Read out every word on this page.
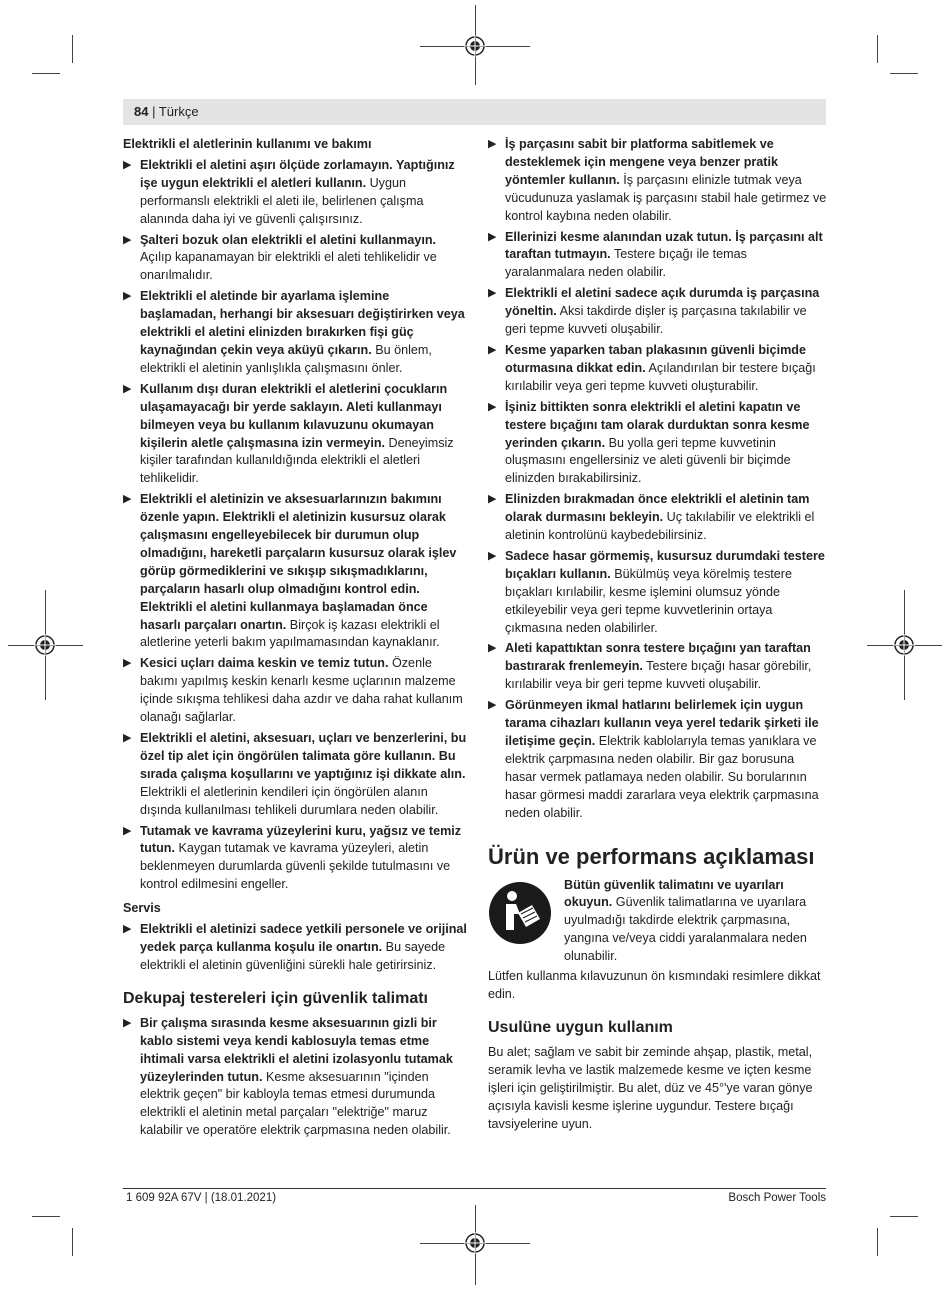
84 | Türkçe
Elektrikli el aletlerinin kullanımı ve bakımı
▶ Elektrikli el aletini aşırı ölçüde zorlamayın. Yaptığınız işe uygun elektrikli el aletleri kullanın. Uygun performanslı elektrikli el aleti ile, belirlenen çalışma alanında daha iyi ve güvenli çalışırsınız.
▶ Şalteri bozuk olan elektrikli el aletini kullanmayın. Açılıp kapanamayan bir elektrikli el aleti tehlikelidir ve onarılmalıdır.
▶ Elektrikli el aletinde bir ayarlama işlemine başlamadan, herhangi bir aksesuarı değiştirirken veya elektrikli el aletini elinizden bırakırken fişi güç kaynağından çekin veya aküyü çıkarın. Bu önlem, elektrikli el aletinin yanlışlıkla çalışmasını önler.
▶ Kullanım dışı duran elektrikli el aletlerini çocukların ulaşamayacağı bir yerde saklayın. Aleti kullanmayı bilmeyen veya bu kullanım kılavuzunu okumayan kişilerin aletle çalışmasına izin vermeyin. Deneyimsiz kişiler tarafından kullanıldığında elektrikli el aletleri tehlikelidir.
▶ Elektrikli el aletinizin ve aksesuarlarınızın bakımını özenle yapın. Elektrikli el aletinizin kusursuz olarak çalışmasını engelleyebilecek bir durumun olup olmadığını, hareketli parçaların kusursuz olarak işlev görüp görmediklerini ve sıkışıp sıkışmadıklarını, parçaların hasarlı olup olmadığını kontrol edin. Elektrikli el aletini kullanmaya başlamadan önce hasarlı parçaları onartın. Birçok iş kazası elektrikli el aletlerine yeterli bakım yapılmamasından kaynaklanır.
▶ Kesici uçları daima keskin ve temiz tutun. Özenle bakımı yapılmış keskin kenarlı kesme uçlarının malzeme içinde sıkışma tehlikesi daha azdır ve daha rahat kullanım olanağı sağlarlar.
▶ Elektrikli el aletini, aksesuarı, uçları ve benzerlerini, bu özel tip alet için öngörülen talimata göre kullanın. Bu sırada çalışma koşullarını ve yaptığınız işi dikkate alın. Elektrikli el aletlerinin kendileri için öngörülen alanın dışında kullanılması tehlikeli durumlara neden olabilir.
▶ Tutamak ve kavrama yüzeylerini kuru, yağsız ve temiz tutun. Kaygan tutamak ve kavrama yüzeyleri, aletin beklenmeyen durumlarda güvenli şekilde tutulmasını ve kontrol edilmesini engeller.
Servis
▶ Elektrikli el aletinizi sadece yetkili personele ve orijinal yedek parça kullanma koşulu ile onartın. Bu sayede elektrikli el aletinin güvenliğini sürekli hale getirirsiniz.
Dekupaj testereleri için güvenlik talimatı
▶ Bir çalışma sırasında kesme aksesuarının gizli bir kablo sistemi veya kendi kablosuyla temas etme ihtimali varsa elektrikli el aletini izolasyonlu tutamak yüzeylerinden tutun. Kesme aksesuarının "içinden elektrik geçen" bir kabloyla temas etmesi durumunda elektrikli el aletinin metal parçaları "elektriğe" maruz kalabilir ve operatöre elektrik çarpmasına neden olabilir.
▶ İş parçasını sabit bir platforma sabitlemek ve desteklemek için mengene veya benzer pratik yöntemler kullanın. İş parçasını elinizle tutmak veya vücudunuza yaslamak iş parçasını stabil hale getirmez ve kontrol kaybına neden olabilir.
▶ Ellerinizi kesme alanından uzak tutun. İş parçasını alt taraftan tutmayın. Testere bıçağı ile temas yaralanmalara neden olabilir.
▶ Elektrikli el aletini sadece açık durumda iş parçasına yöneltin. Aksi takdirde dişler iş parçasına takılabilir ve geri tepme kuvveti oluşabilir.
▶ Kesme yaparken taban plakasının güvenli biçimde oturmasına dikkat edin. Açılandırılan bir testere bıçağı kırılabilir veya geri tepme kuvveti oluşturabilir.
▶ İşiniz bittikten sonra elektrikli el aletini kapatın ve testere bıçağını tam olarak durduktan sonra kesme yerinden çıkarın. Bu yolla geri tepme kuvvetinin oluşmasını engellersiniz ve aleti güvenli bir biçimde elinizden bırakabilirsiniz.
▶ Elinizden bırakmadan önce elektrikli el aletinin tam olarak durmasını bekleyin. Uç takılabilir ve elektrikli el aletinin kontrolünü kaybedebilirsiniz.
▶ Sadece hasar görmemiş, kusursuz durumdaki testere bıçakları kullanın. Bükülmüş veya körelmiş testere bıçakları kırılabilir, kesme işlemini olumsuz yönde etkileyebilir veya geri tepme kuvvetlerinin ortaya çıkmasına neden olabilirler.
▶ Aleti kapattıktan sonra testere bıçağını yan taraftan bastırarak frenlemeyin. Testere bıçağı hasar görebilir, kırılabilir veya bir geri tepme kuvveti oluşabilir.
▶ Görünmeyen ikmal hatlarını belirlemek için uygun tarama cihazları kullanın veya yerel tedarik şirketi ile iletişime geçin. Elektrik kablolarıyla temas yanıklara ve elektrik çarpmasına neden olabilir. Bir gaz borusuna hasar vermek patlamaya neden olabilir. Su borularının hasar görmesi maddi zararlara veya elektrik çarpmasına neden olabilir.
Ürün ve performans açıklaması
Bütün güvenlik talimatını ve uyarıları okuyun. Güvenlik talimatlarına ve uyarılara uyulmadığı takdirde elektrik çarpmasına, yangına ve/veya ciddi yaralanmalara neden olunabilir.
Lütfen kullanma kılavuzunun ön kısmındaki resimlere dikkat edin.
Usulüne uygun kullanım
Bu alet; sağlam ve sabit bir zeminde ahşap, plastik, metal, seramik levha ve lastik malzemede kesme ve içten kesme işleri için geliştirilmiştir. Bu alet, düz ve 45°'ye varan gönye açısıyla kavisli kesme işlerine uygundur. Testere bıçağı tavsiyelerine uyun.
1 609 92A 67V | (18.01.2021)	Bosch Power Tools
